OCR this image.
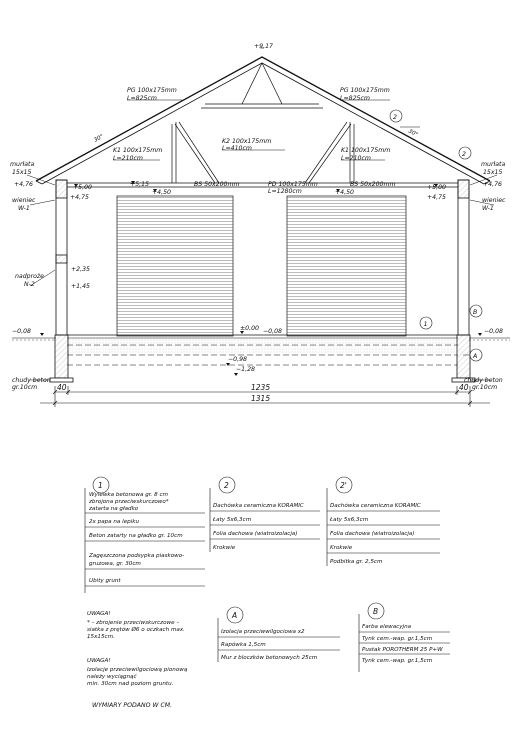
2
2
1
B
A
+9,17
PG 100x175mm
L=825cm
PG 100x175mm
L=825cm
K2 100x175mm
L=410cm
K1 100x175mm
L=210cm
K1 100x175mm
L=210cm
PD 100x175mm
L=1280cm
BS 50x200mm	BS 50x200mm
30°
30°
murłata
15x15
murłata
15x15
wieniec
W-1
wieniec
W-1
nadproże
N-2
+4,76	+5,00
+4,75
+5,15
+4,50	+4,50
+5,00
+4,75
+4,76
+2,35
+1,45
−0,08	±0,00 −0,08	−0,08
−0,98
−1,28
chudy beton
gr.10cm
chudy beton
gr.10cm
40	1235	40
1315
1
Wylewka betonowa gr. 8 cm
zbrojona przeciwskurczowo*
zatarta na gładko
2x papa na lepiku
Beton zatarty na gładko gr. 10cm
Zagęszczona podsypka piaskowo-
gruzowa, gr. 30cm
Ubity grunt
2
Dachówka ceramiczna KORAMIC
Łaty 5x6,3cm
Folia dachowa (wiatroizolacja)
Krokwie
2'
Dachówka ceramiczna KORAMIC
Łaty 5x6,3cm
Folia dachowa (wiatroizolacja)
Krokwie
Podbitka gr. 2,5cm
A
Izolacja przeciwwilgociowa x2
Rapówka 1,5cm
Mur z bloczków betonowych 25cm
B
Farba elewacyjna
Tynk cem.-wap. gr.1,5cm
Pustak POROTHERM 25 P+W
Tynk cem.-wap. gr.1,5cm
UWAGA!
* – zbrojenie przeciwskurczowe –
siatka z prętów Ø6 o oczkach max.
15x15cm.
UWAGA!
Izolacje przeciwwilgociową pionową
należy wyciągnąć
min. 30cm nad poziom gruntu.
WYMIARY PODANO W CM.
